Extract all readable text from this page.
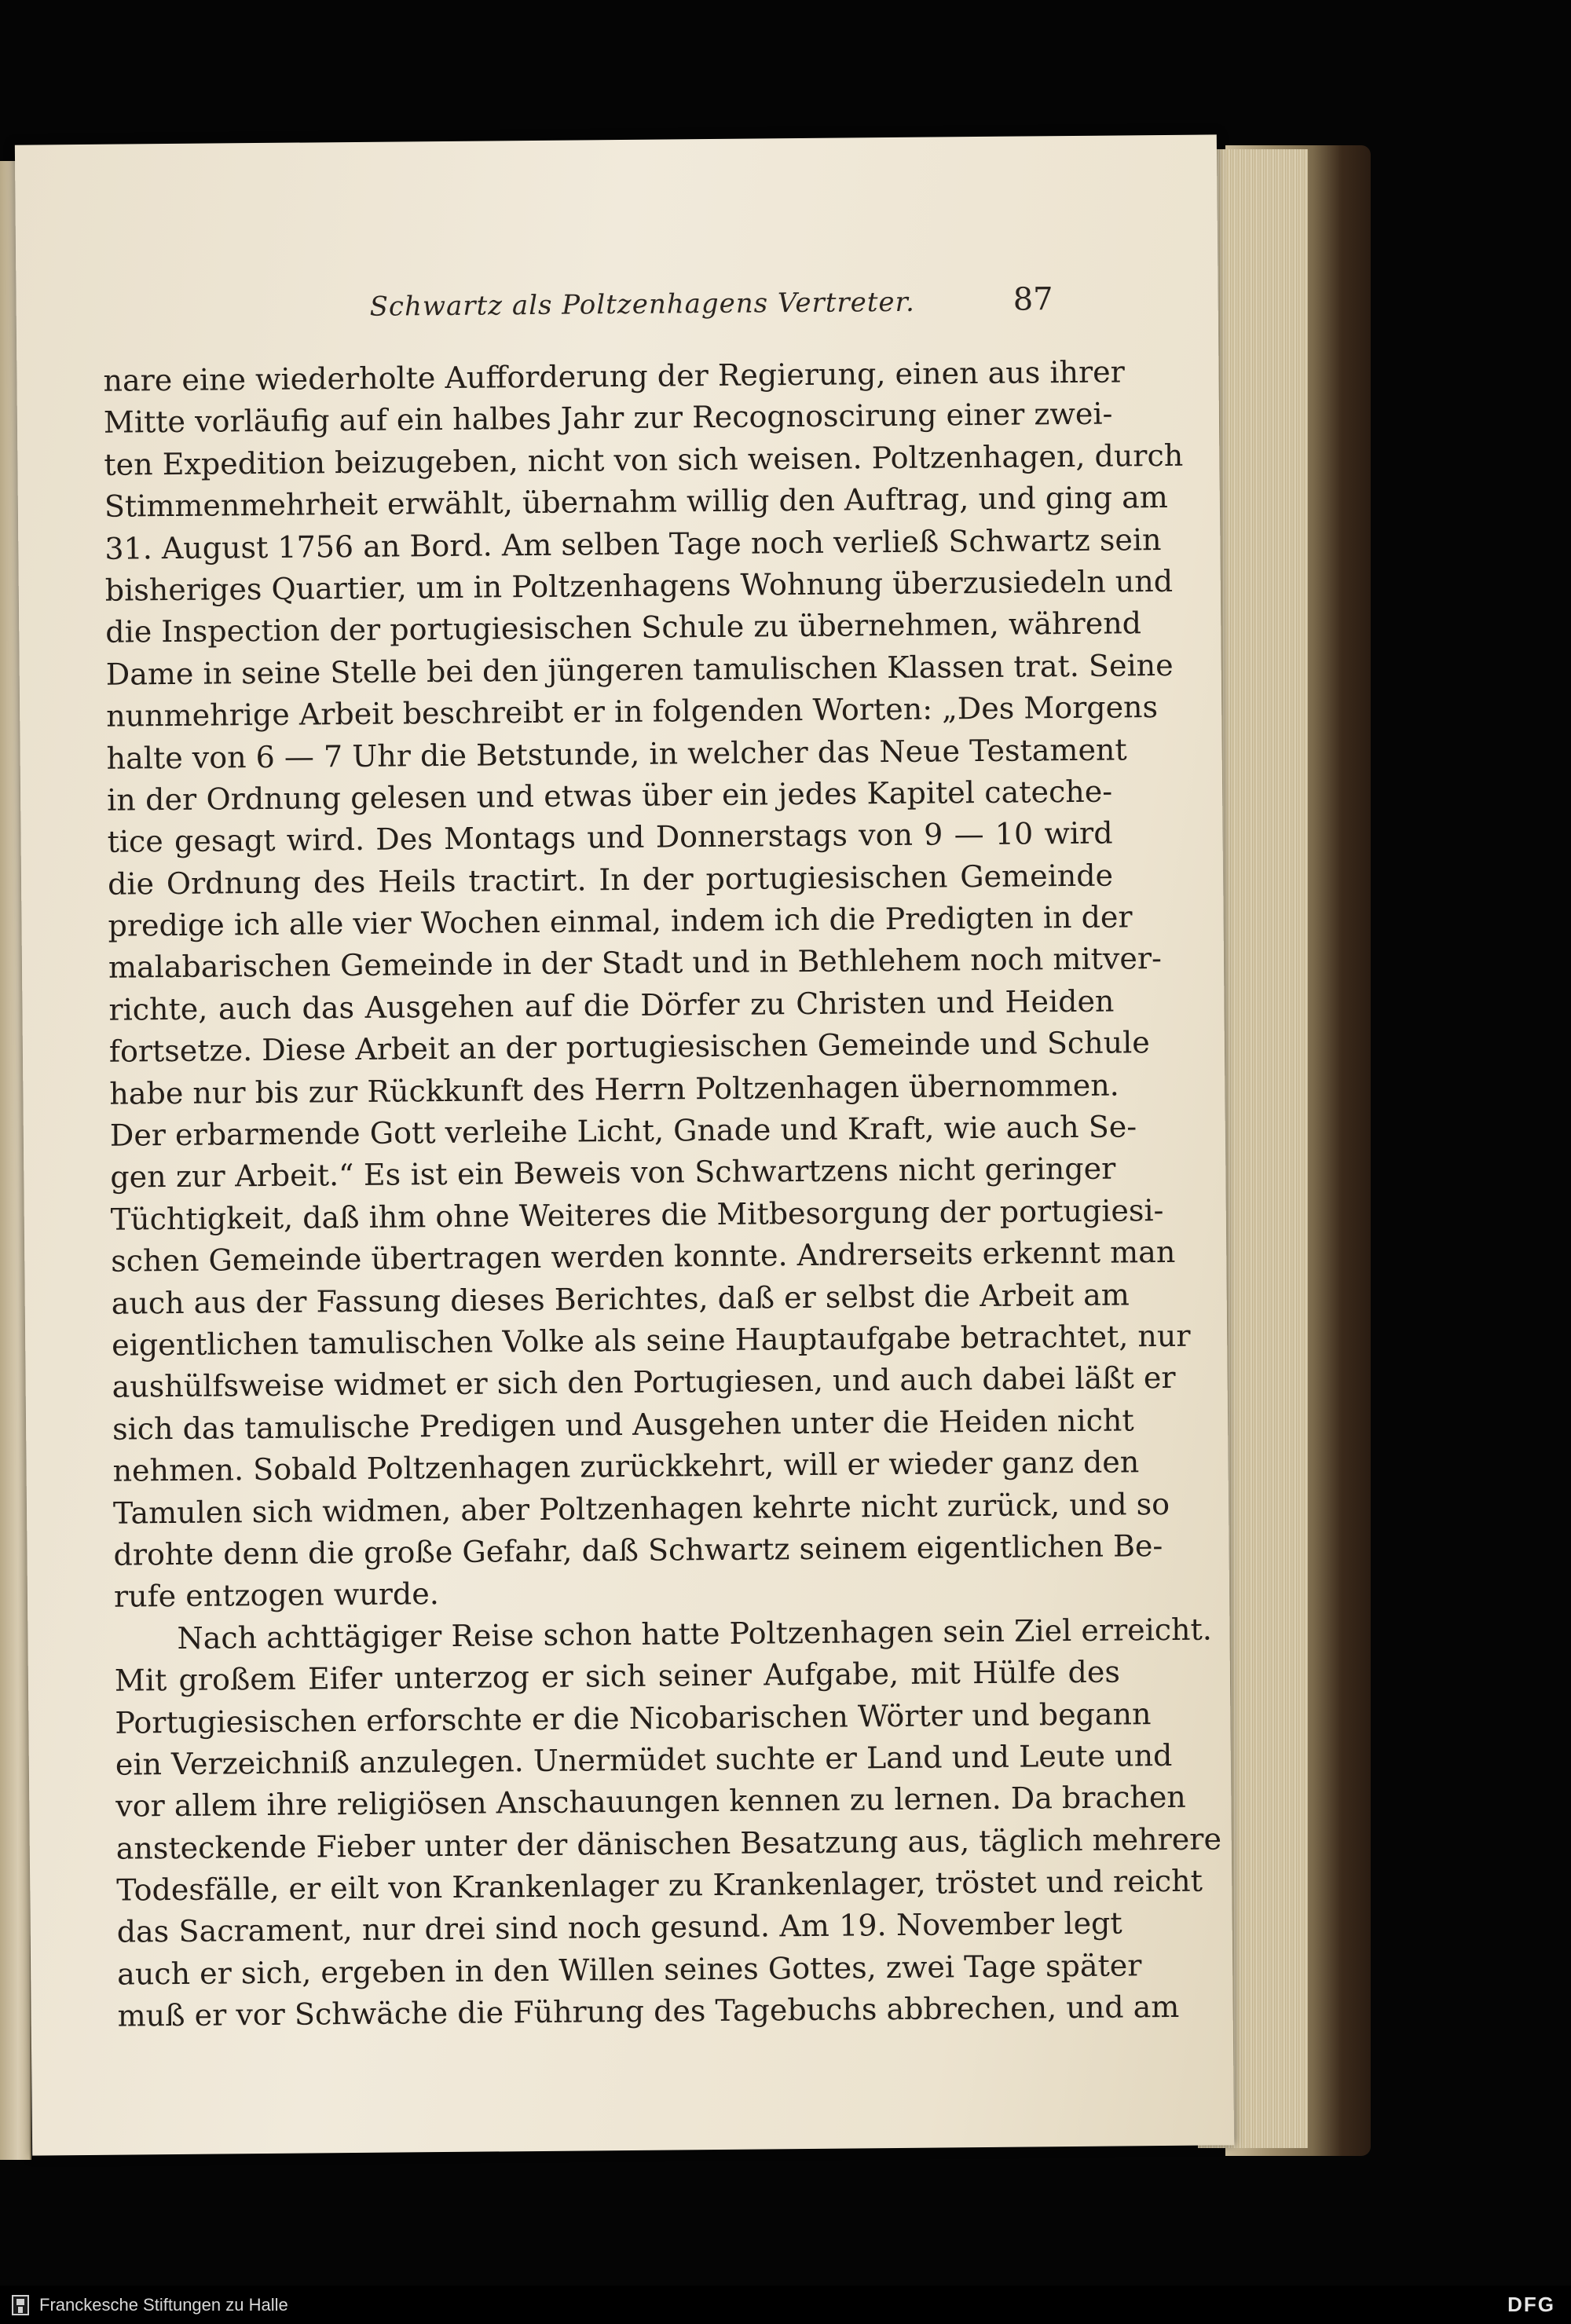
Schwartz als Poltzenhagens Vertreter.	87
nare eine wiederholte Aufforderung der Regierung, einen aus ihrer
Mitte vorläufig auf ein halbes Jahr zur Recognoscirung einer zwei-
ten Expedition beizugeben, nicht von sich weisen. Poltzenhagen, durch
Stimmenmehrheit erwählt, übernahm willig den Auftrag, und ging am
31. August 1756 an Bord. Am selben Tage noch verließ Schwartz sein
bisheriges Quartier, um in Poltzenhagens Wohnung überzusiedeln und
die Inspection der portugiesischen Schule zu übernehmen, während
Dame in seine Stelle bei den jüngeren tamulischen Klassen trat. Seine
nunmehrige Arbeit beschreibt er in folgenden Worten: „Des Morgens
halte von 6 — 7 Uhr die Betstunde, in welcher das Neue Testament
in der Ordnung gelesen und etwas über ein jedes Kapitel cateche-
tice gesagt wird. Des Montags und Donnerstags von 9 — 10 wird
die Ordnung des Heils tractirt. In der portugiesischen Gemeinde
predige ich alle vier Wochen einmal, indem ich die Predigten in der
malabarischen Gemeinde in der Stadt und in Bethlehem noch mitver-
richte, auch das Ausgehen auf die Dörfer zu Christen und Heiden
fortsetze. Diese Arbeit an der portugiesischen Gemeinde und Schule
habe nur bis zur Rückkunft des Herrn Poltzenhagen übernommen.
Der erbarmende Gott verleihe Licht, Gnade und Kraft, wie auch Se-
gen zur Arbeit.“ Es ist ein Beweis von Schwartzens nicht geringer
Tüchtigkeit, daß ihm ohne Weiteres die Mitbesorgung der portugiesi-
schen Gemeinde übertragen werden konnte. Andrerseits erkennt man
auch aus der Fassung dieses Berichtes, daß er selbst die Arbeit am
eigentlichen tamulischen Volke als seine Hauptaufgabe betrachtet, nur
aushülfsweise widmet er sich den Portugiesen, und auch dabei läßt er
sich das tamulische Predigen und Ausgehen unter die Heiden nicht
nehmen. Sobald Poltzenhagen zurückkehrt, will er wieder ganz den
Tamulen sich widmen, aber Poltzenhagen kehrte nicht zurück, und so
drohte denn die große Gefahr, daß Schwartz seinem eigentlichen Be-
rufe entzogen wurde.
Nach achttägiger Reise schon hatte Poltzenhagen sein Ziel erreicht.
Mit großem Eifer unterzog er sich seiner Aufgabe, mit Hülfe des
Portugiesischen erforschte er die Nicobarischen Wörter und begann
ein Verzeichniß anzulegen. Unermüdet suchte er Land und Leute und
vor allem ihre religiösen Anschauungen kennen zu lernen. Da brachen
ansteckende Fieber unter der dänischen Besatzung aus, täglich mehrere
Todesfälle, er eilt von Krankenlager zu Krankenlager, tröstet und reicht
das Sacrament, nur drei sind noch gesund. Am 19. November legt
auch er sich, ergeben in den Willen seines Gottes, zwei Tage später
muß er vor Schwäche die Führung des Tagebuchs abbrechen, und am
Franckesche Stiftungen zu Halle	DFG
